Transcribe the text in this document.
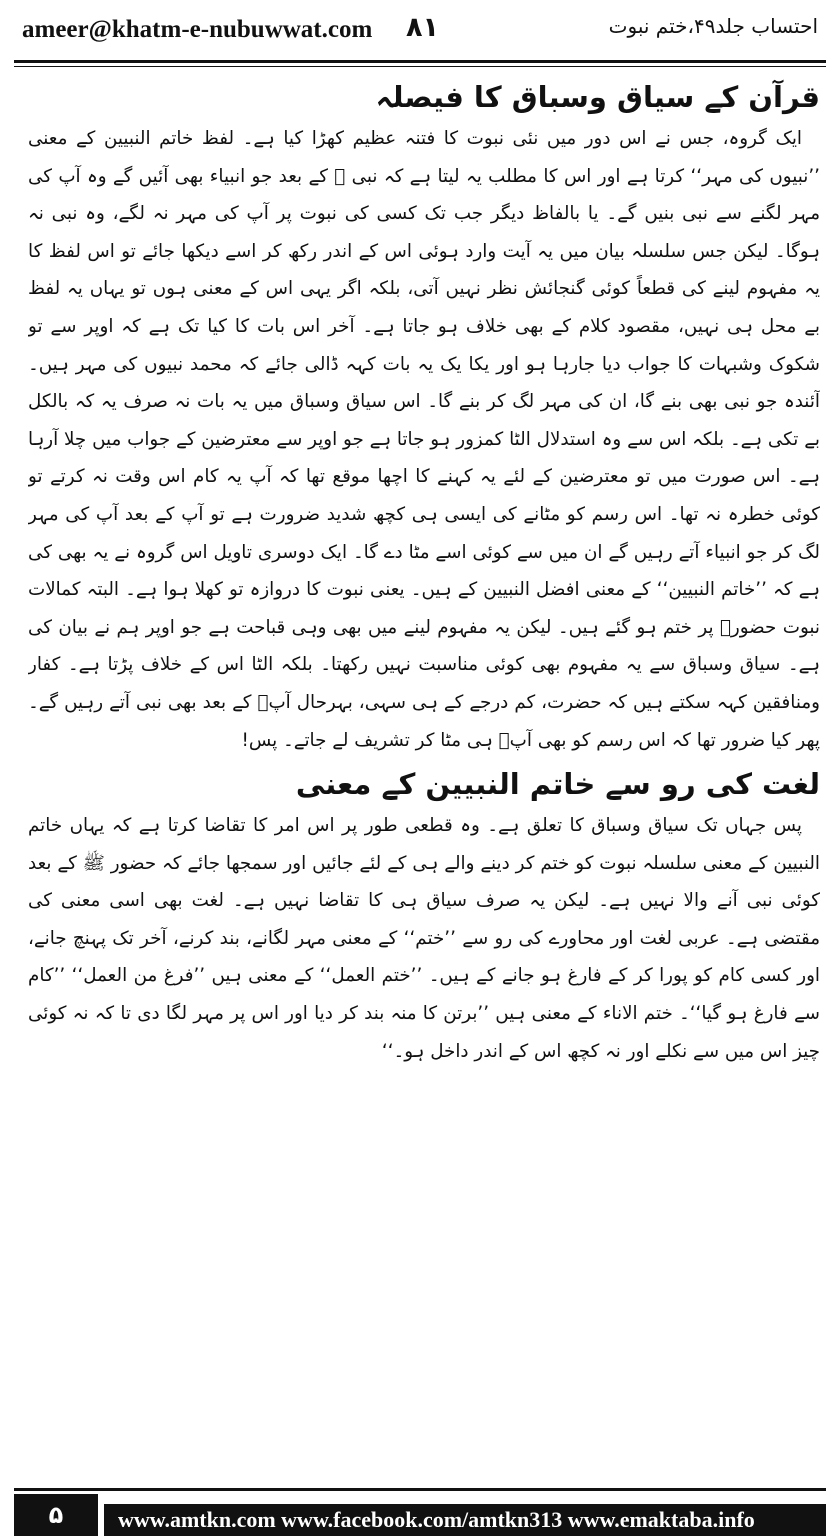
ameer@khatm-e-nubuwwat.com ٨١	احتساب جلد۴۹،ختم نبوت
قرآن کے سیاق وسباق کا فیصلہ

ایک گروہ، جس نے اس دور میں نئی نبوت کا فتنہ عظیم کھڑا کیا ہے۔ لفظ خاتم النبیین کے معنی ’’نبیوں کی مہر‘‘ کرتا ہے اور اس کا مطلب یہ لیتا ہے کہ نبی ﷺ کے بعد جو انبیاء بھی آئیں گے وہ آپ کی مہر لگنے سے نبی بنیں گے۔ یا بالفاظ دیگر جب تک کسی کی نبوت پر آپ کی مہر نہ لگے، وہ نبی نہ ہوگا۔ لیکن جس سلسلہ بیان میں یہ آیت وارد ہوئی اس کے اندر رکھ کر اسے دیکھا جائے تو اس لفظ کا یہ مفہوم لینے کی قطعاً کوئی گنجائش نظر نہیں آتی، بلکہ اگر یہی اس کے معنی ہوں تو یہاں یہ لفظ بے محل ہی نہیں، مقصود کلام کے بھی خلاف ہو جاتا ہے۔ آخر اس بات کا کیا تک ہے کہ اوپر سے تو شکوک وشبہات کا جواب دیا جارہا ہو اور یکا یک یہ بات کہہ ڈالی جائے کہ محمد نبیوں کی مہر ہیں۔ آئندہ جو نبی بھی بنے گا، ان کی مہر لگ کر بنے گا۔ اس سیاق وسباق میں یہ بات نہ صرف یہ کہ بالکل بے تکی ہے۔ بلکہ اس سے وہ استدلال الٹا کمزور ہو جاتا ہے جو اوپر سے معترضین کے جواب میں چلا آرہا ہے۔ اس صورت میں تو معترضین کے لئے یہ کہنے کا اچھا موقع تھا کہ آپ یہ کام اس وقت نہ کرتے تو کوئی خطرہ نہ تھا۔ اس رسم کو مٹانے کی ایسی ہی کچھ شدید ضرورت ہے تو آپ کے بعد آپ کی مہر لگ کر جو انبیاء آتے رہیں گے ان میں سے کوئی اسے مٹا دے گا۔ ایک دوسری تاویل اس گروہ نے یہ بھی کی ہے کہ ’’خاتم النبیین‘‘ کے معنی افضل النبیین کے ہیں۔ یعنی نبوت کا دروازہ تو کھلا ہوا ہے۔ البتہ کمالات نبوت حضورؐ پر ختم ہو گئے ہیں۔ لیکن یہ مفہوم لینے میں بھی وہی قباحت ہے جو اوپر ہم نے بیان کی ہے۔ سیاق وسباق سے یہ مفہوم بھی کوئی مناسبت نہیں رکھتا۔ بلکہ الٹا اس کے خلاف پڑتا ہے۔ کفار ومنافقین کہہ سکتے ہیں کہ حضرت، کم درجے کے ہی سہی، بہرحال آپؐ کے بعد بھی نبی آتے رہیں گے۔ پھر کیا ضرور تھا کہ اس رسم کو بھی آپؐ ہی مٹا کر تشریف لے جاتے۔ پس!

لغت کی رو سے خاتم النبیین کے معنی

پس جہاں تک سیاق وسباق کا تعلق ہے۔ وہ قطعی طور پر اس امر کا تقاضا کرتا ہے کہ یہاں خاتم النبیین کے معنی سلسلہ نبوت کو ختم کر دینے والے ہی کے لئے جائیں اور سمجھا جائے کہ حضور ﷺ کے بعد کوئی نبی آنے والا نہیں ہے۔ لیکن یہ صرف سیاق ہی کا تقاضا نہیں ہے۔ لغت بھی اسی معنی کی مقتضی ہے۔ عربی لغت اور محاورے کی رو سے ’’ختم‘‘ کے معنی مہر لگانے، بند کرنے، آخر تک پہنچ جانے، اور کسی کام کو پورا کر کے فارغ ہو جانے کے ہیں۔ ’’ختم العمل‘‘ کے معنی ہیں ’’فرغ من العمل‘‘ ’’کام سے فارغ ہو گیا‘‘۔ ختم الاناء کے معنی ہیں ’’برتن کا منہ بند کر دیا اور اس پر مہر لگا دی تا کہ نہ کوئی چیز اس میں سے نکلے اور نہ کچھ اس کے اندر داخل ہو۔‘‘

۵	www.amtkn.com www.facebook.com/amtkn313 www.emaktaba.info
